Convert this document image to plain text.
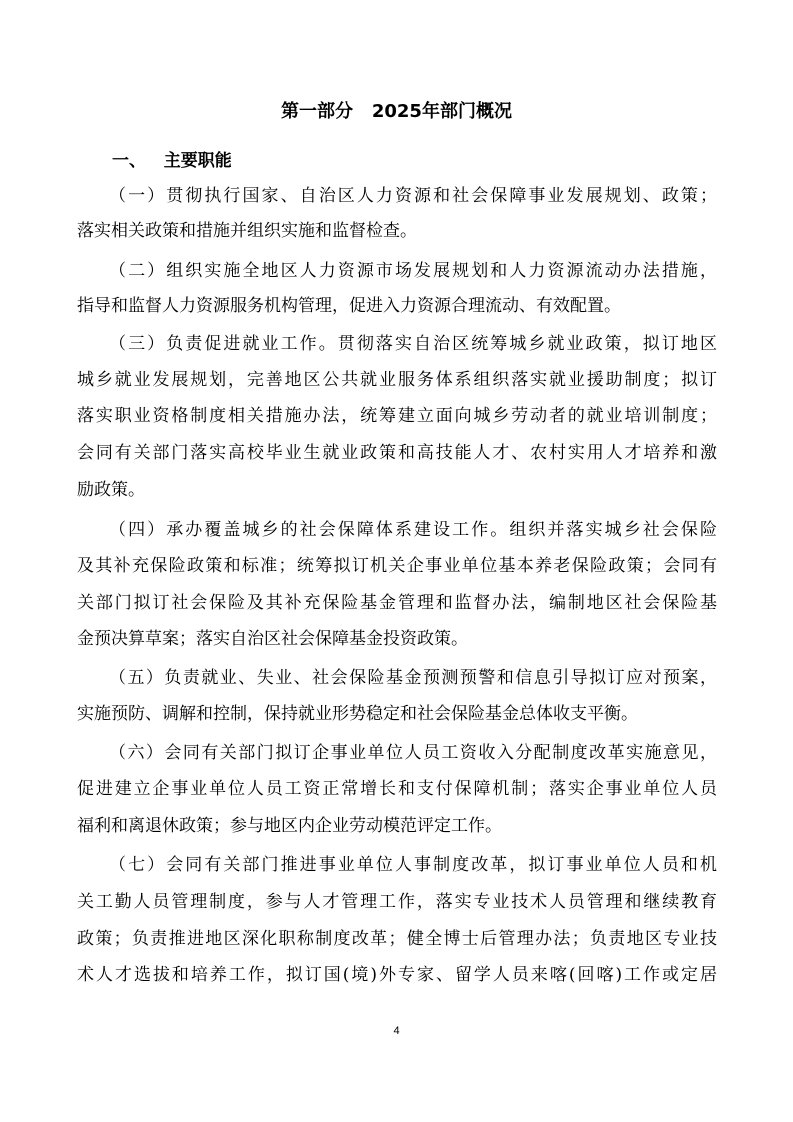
第一部分   2025年部门概况
一、   主要职能
（一）贯彻执行国家、自治区人力资源和社会保障事业发展规划、政策；
落实相关政策和措施并组织实施和监督检查。
（二）组织实施全地区人力资源市场发展规划和人力资源流动办法措施，
指导和监督人力资源服务机构管理，促进入力资源合理流动、有效配置。
（三）负责促进就业工作。贯彻落实自治区统筹城乡就业政策，拟订地区
城乡就业发展规划，完善地区公共就业服务体系组织落实就业援助制度；拟订
落实职业资格制度相关措施办法，统筹建立面向城乡劳动者的就业培训制度；
会同有关部门落实高校毕业生就业政策和高技能人才、农村实用人才培养和激
励政策。
（四）承办覆盖城乡的社会保障体系建设工作。组织并落实城乡社会保险
及其补充保险政策和标准；统筹拟订机关企事业单位基本养老保险政策；会同有
关部门拟订社会保险及其补充保险基金管理和监督办法，编制地区社会保险基
金预决算草案；落实自治区社会保障基金投资政策。
（五）负责就业、失业、社会保险基金预测预警和信息引导拟订应对预案，
实施预防、调解和控制，保持就业形势稳定和社会保险基金总体收支平衡。
（六）会同有关部门拟订企事业单位人员工资收入分配制度改革实施意见，
促进建立企事业单位人员工资正常增长和支付保障机制；落实企事业单位人员
福利和离退休政策；参与地区内企业劳动模范评定工作。
（七）会同有关部门推进事业单位人事制度改革，拟订事业单位人员和机
关工勤人员管理制度，参与人才管理工作，落实专业技术人员管理和继续教育
政策；负责推进地区深化职称制度改革；健全博士后管理办法；负责地区专业技
术人才选拔和培养工作，拟订国(境)外专家、留学人员来喀(回喀)工作或定居
4
